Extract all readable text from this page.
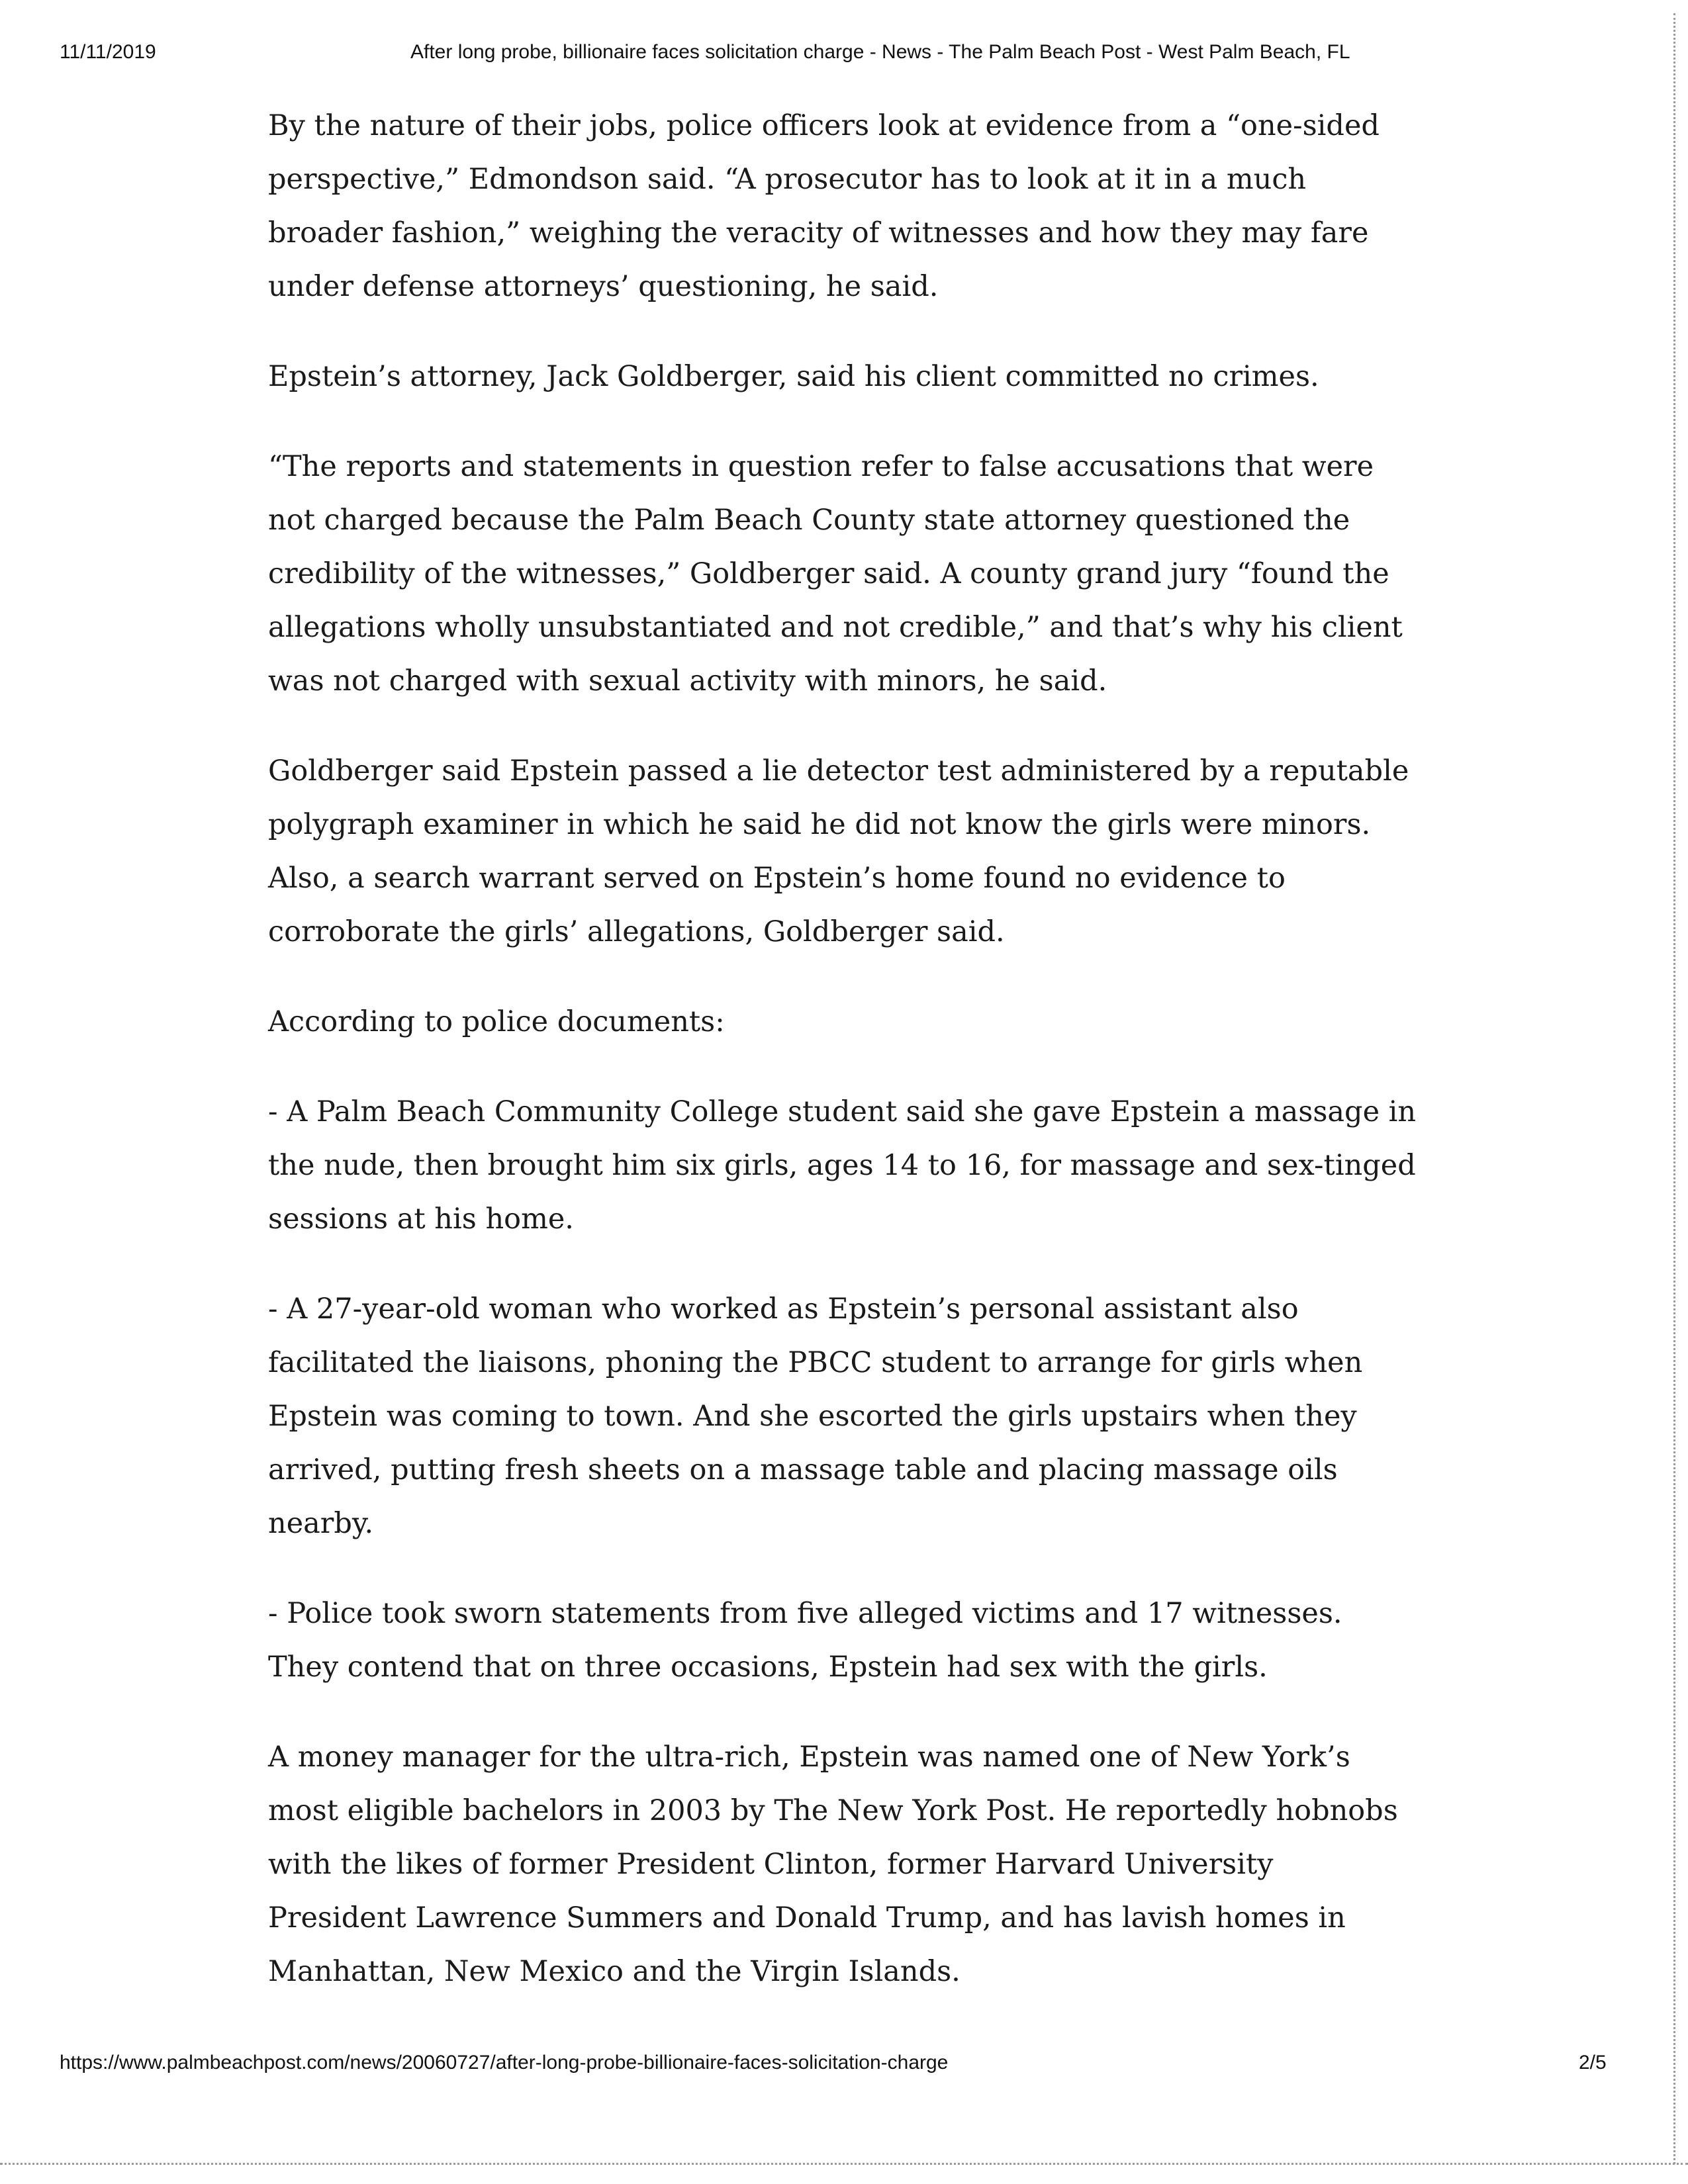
11/11/2019	After long probe, billionaire faces solicitation charge - News - The Palm Beach Post - West Palm Beach, FL

By the nature of their jobs, police officers look at evidence from a “one-sided perspective,” Edmondson said. “A prosecutor has to look at it in a much broader fashion,” weighing the veracity of witnesses and how they may fare under defense attorneys’ questioning, he said.

Epstein’s attorney, Jack Goldberger, said his client committed no crimes.

“The reports and statements in question refer to false accusations that were not charged because the Palm Beach County state attorney questioned the credibility of the witnesses,” Goldberger said. A county grand jury “found the allegations wholly unsubstantiated and not credible,” and that’s why his client was not charged with sexual activity with minors, he said.

Goldberger said Epstein passed a lie detector test administered by a reputable polygraph examiner in which he said he did not know the girls were minors. Also, a search warrant served on Epstein’s home found no evidence to corroborate the girls’ allegations, Goldberger said.

According to police documents:

- A Palm Beach Community College student said she gave Epstein a massage in the nude, then brought him six girls, ages 14 to 16, for massage and sex-tinged sessions at his home.

- A 27-year-old woman who worked as Epstein’s personal assistant also facilitated the liaisons, phoning the PBCC student to arrange for girls when Epstein was coming to town. And she escorted the girls upstairs when they arrived, putting fresh sheets on a massage table and placing massage oils nearby.

- Police took sworn statements from five alleged victims and 17 witnesses. They contend that on three occasions, Epstein had sex with the girls.

A money manager for the ultra-rich, Epstein was named one of New York’s most eligible bachelors in 2003 by The New York Post. He reportedly hobnobs with the likes of former President Clinton, former Harvard University President Lawrence Summers and Donald Trump, and has lavish homes in Manhattan, New Mexico and the Virgin Islands.

https://www.palmbeachpost.com/news/20060727/after-long-probe-billionaire-faces-solicitation-charge	2/5
